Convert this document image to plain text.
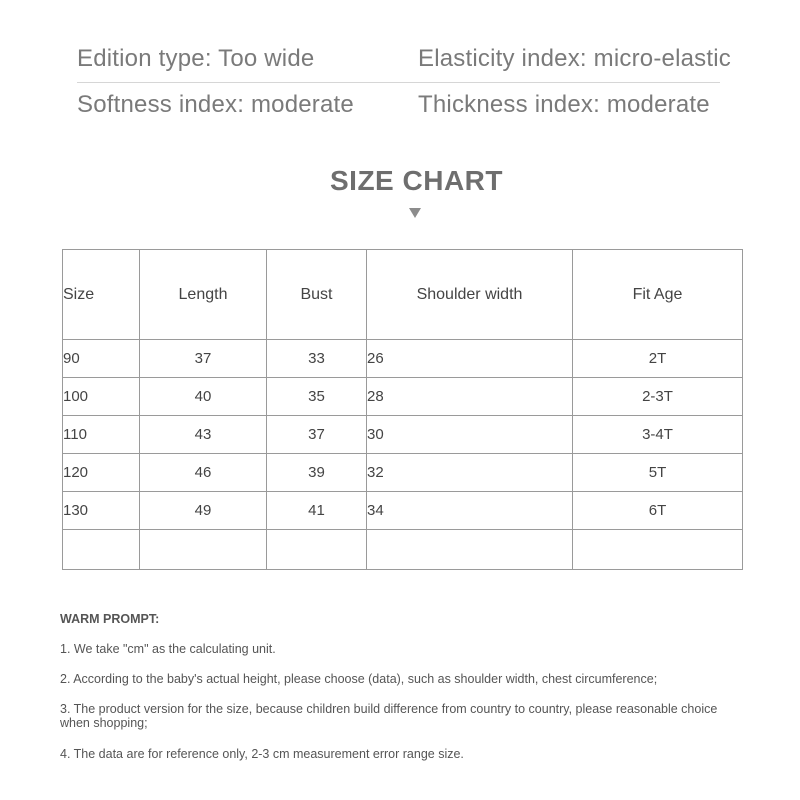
Edition type: Too wide	Elasticity index: micro-elastic
Softness index: moderate	Thickness index: moderate
SIZE CHART
Size	Length	Bust	Shoulder width	Fit Age
90	37	33	26	2T
100	40	35	28	2-3T
110	43	37	30	3-4T
120	46	39	32	5T
130	49	41	34	6T

WARM PROMPT:
1. We take "cm" as the calculating unit.
2. According to the baby's actual height, please choose (data), such as shoulder width, chest circumference;
3. The product version for the size, because children build difference from country to country, please reasonable choice when shopping;
4. The data are for reference only, 2-3 cm measurement error range size.
